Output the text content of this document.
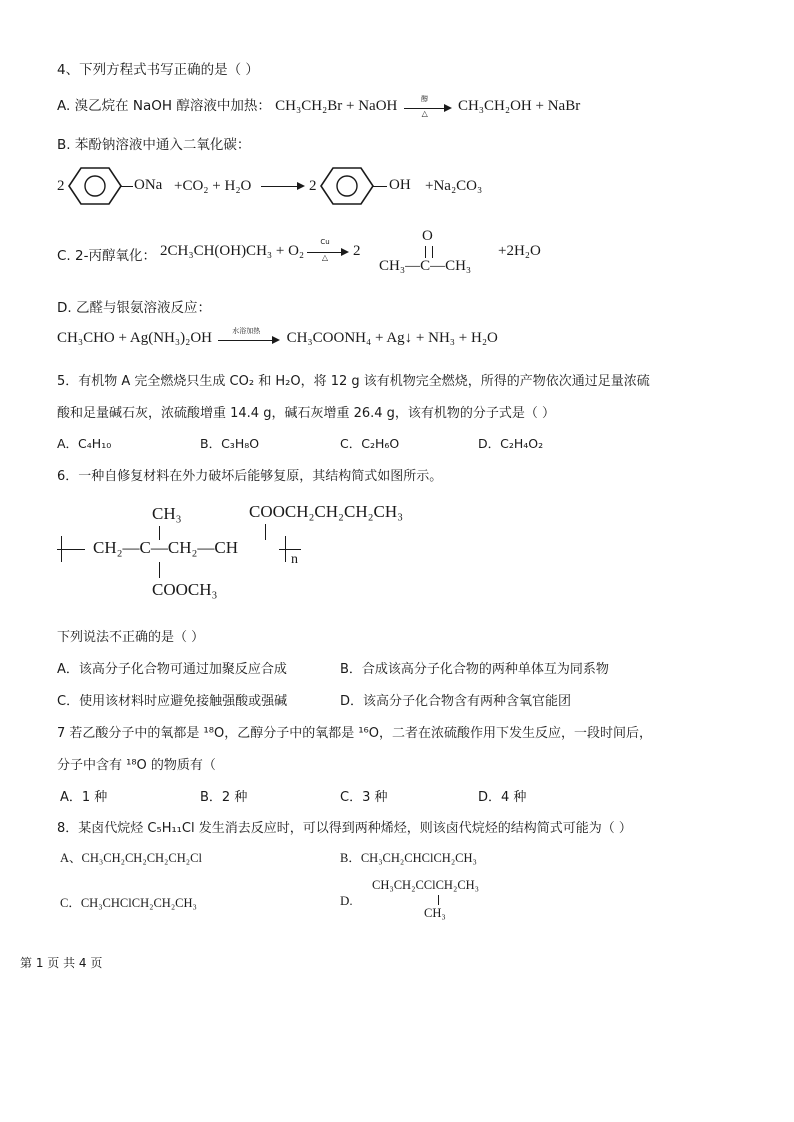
4、下列方程式书写正确的是（ ）
A. 溴乙烷在 NaOH 醇溶液中加热： CH₃CH₂Br + NaOH	醇
△	CH₃CH₂OH + NaBr
B. 苯酚钠溶液中通入二氧化碳：
2	ONa +CO₂ + H₂O	2	OH +Na₂CO₃
C. 2-丙醇氧化： 2CH₃CH(OH)CH₃ + O₂
Cu
△	2
O
CH₃—C—CH₃
+2H₂O
D. 乙醛与银氨溶液反应：
CH₃CHO + Ag(NH₃)₂OH	水浴加热	CH₃COONH₄ + Ag↓ + NH₃ + H₂O
5．有机物 A 完全燃烧只生成 CO₂ 和 H₂O，将 12 g 该有机物完全燃烧，所得的产物依次通过足量浓硫
酸和足量碱石灰，浓硫酸增重 14.4 g，碱石灰增重 26.4 g，该有机物的分子式是（ ）
A．C₄H₁₀	B．C₃H₈O	C．C₂H₆O	D．C₂H₄O₂
6．一种自修复材料在外力破坏后能够复原，其结构简式如图所示。
CH₃	COOCH₂CH₂CH₂CH₃
CH₂—C—CH₂—CH
n
COOCH₃
下列说法不正确的是（ ）
A．该高分子化合物可通过加聚反应合成	B．合成该高分子化合物的两种单体互为同系物
C．使用该材料时应避免接触强酸或强碱	D．该高分子化合物含有两种含氧官能团
7 若乙酸分子中的氧都是 ¹⁸O，乙醇分子中的氧都是 ¹⁶O，二者在浓硫酸作用下发生反应，一段时间后，
分子中含有 ¹⁸O 的物质有（
A．1 种	B．2 种	C．3 种	D．4 种
8．某卤代烷烃 C₅H₁₁Cl 发生消去反应时，可以得到两种烯烃，则该卤代烷烃的结构简式可能为（ ）
A、CH₃CH₂CH₂CH₂CH₂Cl	B．CH₃CH₂CHClCH₂CH₃
C．CH₃CHClCH₂CH₂CH₃	D.
CH₃CH₂CClCH₂CH₃
CH₃
第 1 页 共 4 页
